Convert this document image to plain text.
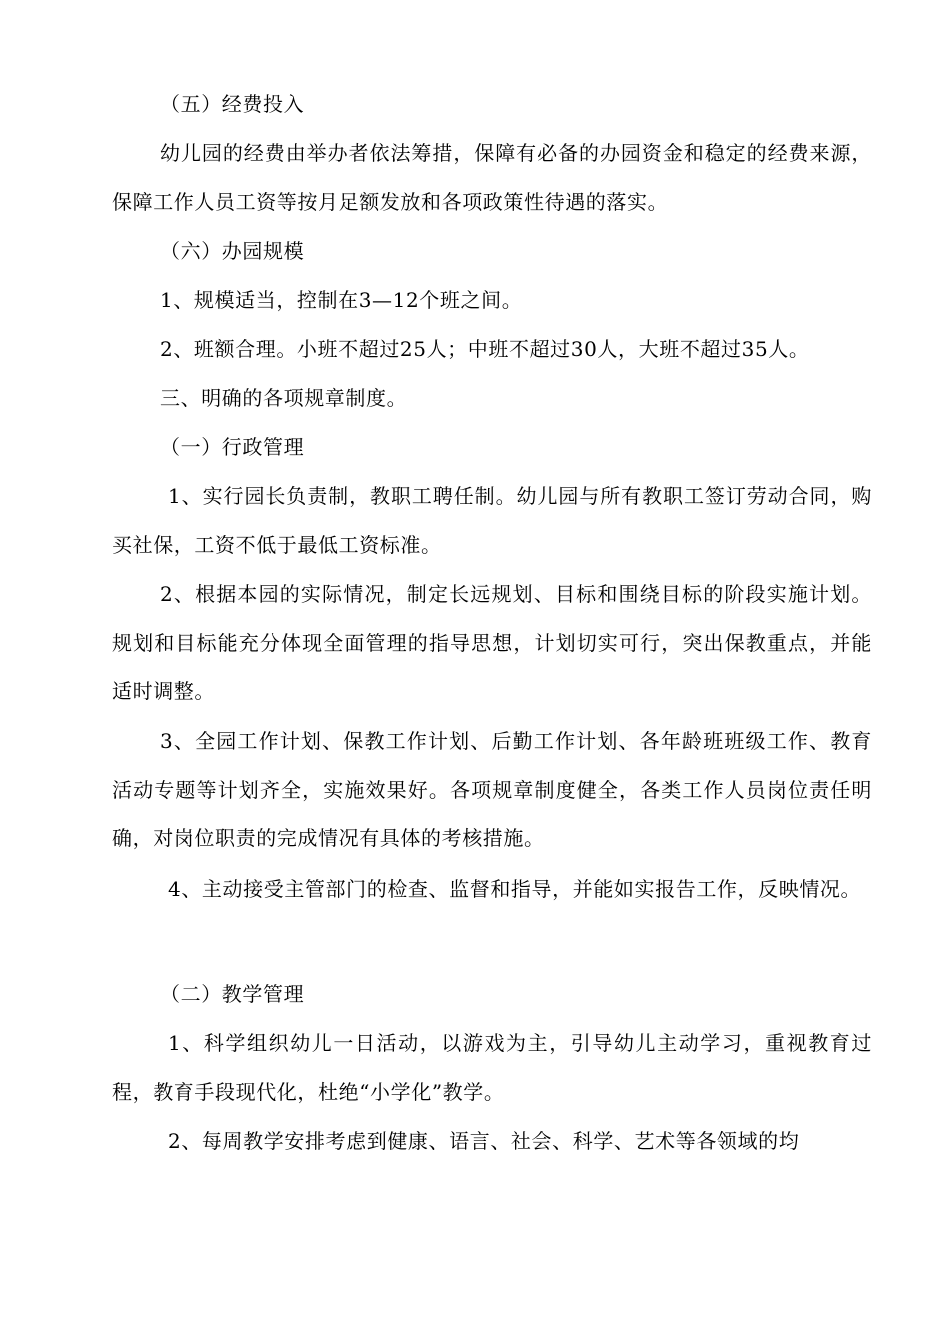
（五）经费投入
幼儿园的经费由举办者依法筹措，保障有必备的办园资金和稳定的经费来源，保障工作人员工资等按月足额发放和各项政策性待遇的落实。
（六）办园规模
1、规模适当，控制在3—12个班之间。
2、班额合理。小班不超过25人；中班不超过30人，大班不超过35人。
三、明确的各项规章制度。
（一）行政管理
1、实行园长负责制，教职工聘任制。幼儿园与所有教职工签订劳动合同，购买社保，工资不低于最低工资标准。
2、根据本园的实际情况，制定长远规划、目标和围绕目标的阶段实施计划。规划和目标能充分体现全面管理的指导思想，计划切实可行，突出保教重点，并能适时调整。
3、全园工作计划、保教工作计划、后勤工作计划、各年龄班班级工作、教育活动专题等计划齐全，实施效果好。各项规章制度健全，各类工作人员岗位责任明确，对岗位职责的完成情况有具体的考核措施。
4、主动接受主管部门的检查、监督和指导，并能如实报告工作，反映情况。
（二）教学管理
1、科学组织幼儿一日活动，以游戏为主，引导幼儿主动学习，重视教育过程，教育手段现代化，杜绝“小学化”教学。
2、每周教学安排考虑到健康、语言、社会、科学、艺术等各领域的均
